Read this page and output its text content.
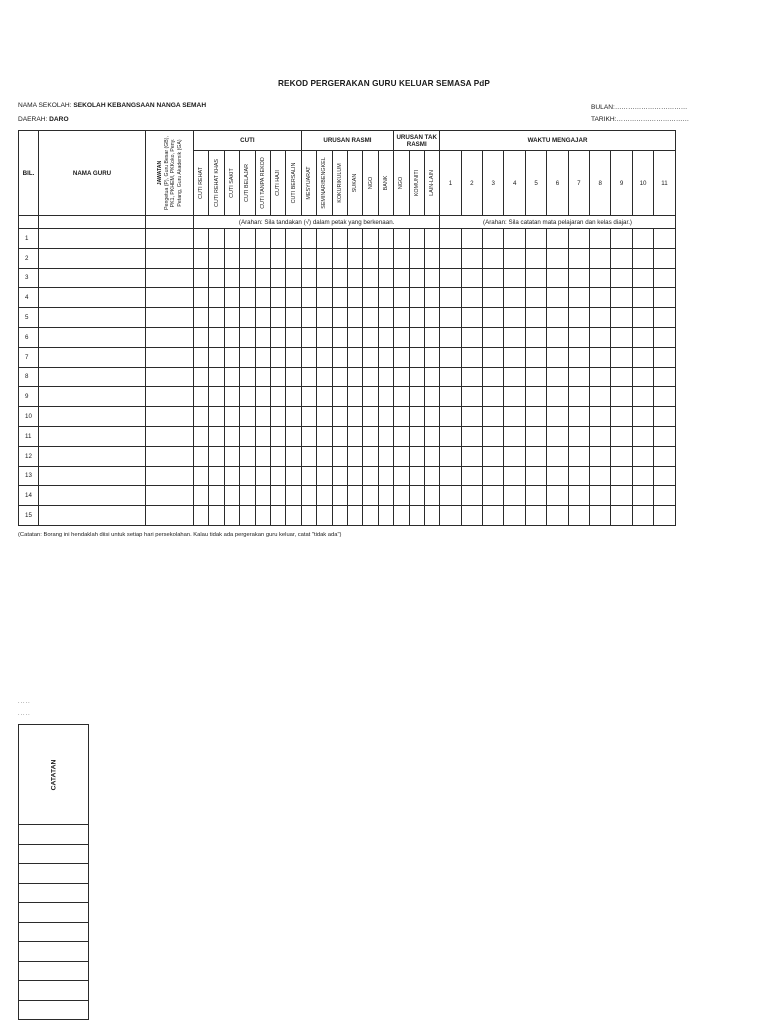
REKOD PERGERAKAN GURU KELUAR SEMASA PdP
NAMA SEKOLAH: SEKOLAH KEBANGSAAN NANGA SEMAH
DAERAH: DARO
BULAN:……………………………
TARIKH:……………………………
BIL.	NAMA GURU	JAWATAN Pengetua (P), Guru Besar (GB), PK1, PKHEM, PKKoko, Peny. Petang, Guru Akademik (GA)	CUTI							URUSAN RASMI						URUSAN TAK RASMI			WAKTU MENGAJAR										

			CUTI REHAT	CUTI REHAT KHAS	CUTI SAKIT	CUTI BELAJAR	CUTI TANPA REKOD	CUTI HAJI	CUTI BERSALIN	MESYUARAT	SEMINAR/BENGKEL	KOKURIKULUM	SUKAN	NGO	BANK	NGO	KOMUNITI	LAIN-LAIN	1	2	3	4	5	6	7	8	9	10	11
			(Arahan: Sila tandakan (√) dalam petak yang berkenaan.																(Arahan: Sila catatan mata pelajaran dan kelas diajar.)										
1																													
2																													
3																													
4																													
5																													
6																													
7																													
8																													
9																													
10																													
11																													
12																													
13																													
14																													
15																													
(Catatan: Borang ini hendaklah diisi untuk setiap hari persekolahan. Kalau tidak ada pergerakan guru keluar, catat "tidak ada")
.....
.....
CATATAN
